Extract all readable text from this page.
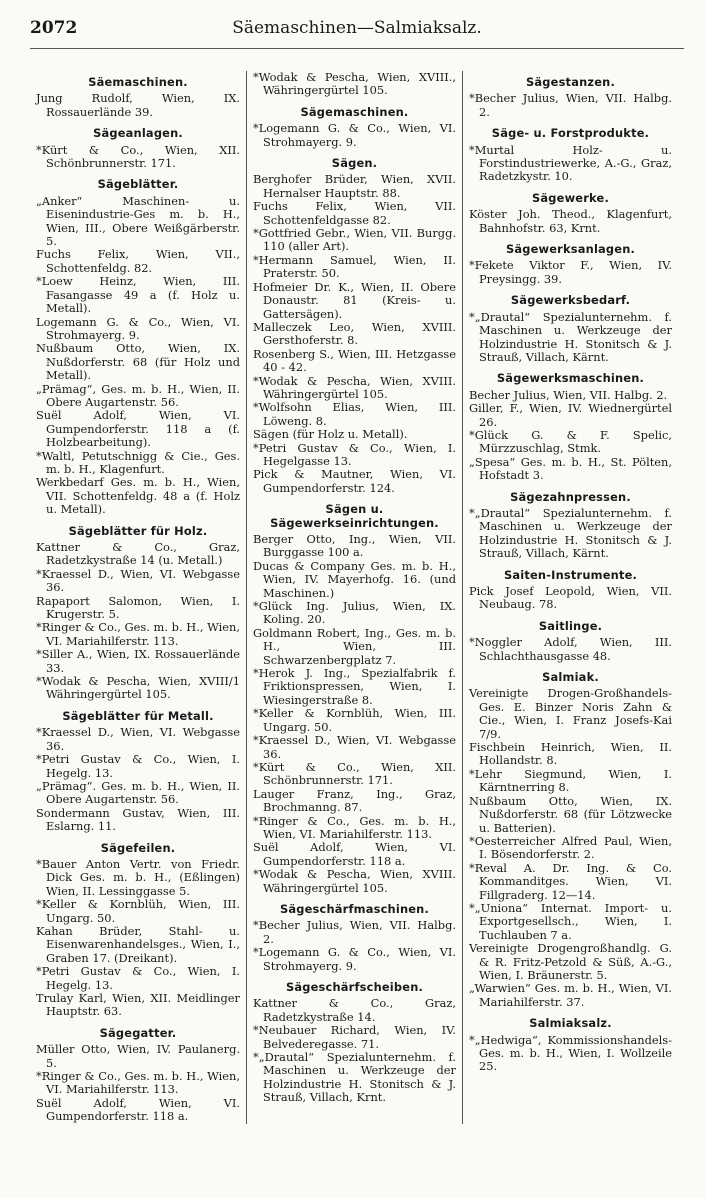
2072	Säemaschinen—Salmiaksalz.
Säemaschinen.
Jung Rudolf, Wien, IX. Rossauerlände 39.
Sägeanlagen.
*Kürt & Co., Wien, XII. Schönbrunnerstr. 171.
Sägeblätter.
„Anker“ Maschinen- u. Eisenindustrie-Ges m. b. H., Wien, III., Obere Weißgärberstr. 5.
Fuchs Felix, Wien, VII., Schottenfeldg. 82.
*Loew Heinz, Wien, III. Fasangasse 49 a (f. Holz u. Metall).
Logemann G. & Co., Wien, VI. Strohmayerg. 9.
Nußbaum Otto, Wien, IX. Nußdorferstr. 68 (für Holz und Metall).
„Prämag“, Ges. m. b. H., Wien, II. Obere Augartenstr. 56.
Suël Adolf, Wien, VI. Gumpendorferstr. 118 a (f. Holzbearbeitung).
*Waltl, Petutschnigg & Cie., Ges. m. b. H., Klagenfurt.
Werkbedarf Ges. m. b. H., Wien, VII. Schottenfeldg. 48 a (f. Holz u. Metall).
Sägeblätter für Holz.
Kattner & Co., Graz, Radetzkystraße 14 (u. Metall.)
*Kraessel D., Wien, VI. Webgasse 36.
Rapaport Salomon, Wien, I. Krugerstr. 5.
*Ringer & Co., Ges. m. b. H., Wien, VI. Mariahilferstr. 113.
*Siller A., Wien, IX. Rossauerlände 33.
*Wodak & Pescha, Wien, XVIII/1 Währingergürtel 105.
Sägeblätter für Metall.
*Kraessel D., Wien, VI. Webgasse 36.
*Petri Gustav & Co., Wien, I. Hegelg. 13.
„Prämag“. Ges. m. b. H., Wien, II. Obere Augartenstr. 56.
Sondermann Gustav, Wien, III. Eslarng. 11.
Sägefeilen.
*Bauer Anton Vertr. von Friedr. Dick Ges. m. b. H., (Eßlingen) Wien, II. Lessinggasse 5.
*Keller & Kornblüh, Wien, III. Ungarg. 50.
Kahan Brüder, Stahl- u. Eisenwarenhandelsges., Wien, I., Graben 17. (Dreikant).
*Petri Gustav & Co., Wien, I. Hegelg. 13.
Trulay Karl, Wien, XII. Meidlinger Hauptstr. 63.
Sägegatter.
Müller Otto, Wien, IV. Paulanerg. 5.
*Ringer & Co., Ges. m. b. H., Wien, VI. Mariahilferstr. 113.
Suël Adolf, Wien, VI. Gumpendorferstr. 118 a.
*Wodak & Pescha, Wien, XVIII., Währingergürtel 105.
Sägemaschinen.
*Logemann G. & Co., Wien, VI. Strohmayerg. 9.
Sägen.
Berghofer Brüder, Wien, XVII. Hernalser Hauptstr. 88.
Fuchs Felix, Wien, VII. Schottenfeldgasse 82.
*Gottfried Gebr., Wien, VII. Burgg. 110 (aller Art).
*Hermann Samuel, Wien, II. Praterstr. 50.
Hofmeier Dr. K., Wien, II. Obere Donaustr. 81 (Kreis- u. Gattersägen).
Malleczek Leo, Wien, XVIII. Gersthoferstr. 8.
Rosenberg S., Wien, III. Hetzgasse 40 - 42.
*Wodak & Pescha, Wien, XVIII. Währingergürtel 105.
*Wolfsohn Elias, Wien, III. Löweng. 8.
Sägen (für Holz u. Metall).
*Petri Gustav & Co., Wien, I. Hegelgasse 13.
Pick & Mautner, Wien, VI. Gumpendorferstr. 124.
Sägen u. Sägewerkseinrichtungen.
Berger Otto, Ing., Wien, VII. Burggasse 100 a.
Ducas & Company Ges. m. b. H., Wien, IV. Mayerhofg. 16. (und Maschinen.)
*Glück Ing. Julius, Wien, IX. Koling. 20.
Goldmann Robert, Ing., Ges. m. b. H., Wien, III. Schwarzenbergplatz 7.
*Herok J. Ing., Spezialfabrik f. Friktionspressen, Wien, I. Wiesingerstraße 8.
*Keller & Kornblüh, Wien, III. Ungarg. 50.
*Kraessel D., Wien, VI. Webgasse 36.
*Kürt & Co., Wien, XII. Schönbrunnerstr. 171.
Lauger Franz, Ing., Graz, Brochmanng. 87.
*Ringer & Co., Ges. m. b. H., Wien, VI. Mariahilferstr. 113.
Suël Adolf, Wien, VI. Gumpendorferstr. 118 a.
*Wodak & Pescha, Wien, XVIII. Währingergürtel 105.
Sägeschärfmaschinen.
*Becher Julius, Wien, VII. Halbg. 2.
*Logemann G. & Co., Wien, VI. Strohmayerg. 9.
Sägeschärfscheiben.
Kattner & Co., Graz, Radetzkystraße 14.
*Neubauer Richard, Wien, IV. Belvederegasse. 71.
*„Drautal“ Spezialunternehm. f. Maschinen u. Werkzeuge der Holzindustrie H. Stonitsch & J. Strauß, Villach, Krnt.
Sägestanzen.
*Becher Julius, Wien, VII. Halbg. 2.
Säge- u. Forstprodukte.
*Murtal Holz- u. Forstindustriewerke, A.-G., Graz, Radetzkystr. 10.
Sägewerke.
Köster Joh. Theod., Klagenfurt, Bahnhofstr. 63, Krnt.
Sägewerksanlagen.
*Fekete Viktor F., Wien, IV. Preysingg. 39.
Sägewerksbedarf.
*„Drautal“ Spezialunternehm. f. Maschinen u. Werkzeuge der Holzindustrie H. Stonitsch & J. Strauß, Villach, Kärnt.
Sägewerksmaschinen.
Becher Julius, Wien, VII. Halbg. 2.
Giller, F., Wien, IV. Wiednergürtel 26.
*Glück G. & F. Spelic, Mürzzuschlag, Stmk.
„Spesa“ Ges. m. b. H., St. Pölten, Hofstadt 3.
Sägezahnpressen.
*„Drautal“ Spezialunternehm. f. Maschinen u. Werkzeuge der Holzindustrie H. Stonitsch & J. Strauß, Villach, Kärnt.
Saiten-Instrumente.
Pick Josef Leopold, Wien, VII. Neubaug. 78.
Saitlinge.
*Noggler Adolf, Wien, III. Schlachthausgasse 48.
Salmiak.
Vereinigte Drogen-Großhandels-Ges. E. Binzer Noris Zahn & Cie., Wien, I. Franz Josefs-Kai 7/9.
Fischbein Heinrich, Wien, II. Hollandstr. 8.
*Lehr Siegmund, Wien, I. Kärntnerring 8.
Nußbaum Otto, Wien, IX. Nußdorferstr. 68 (für Lötzwecke u. Batterien).
*Oesterreicher Alfred Paul, Wien, I. Bösendorferstr. 2.
*Reval A. Dr. Ing. & Co. Kommanditges. Wien, VI. Fillgraderg. 12—14.
*„Uniona“ Internat. Import- u. Exportgesellsch., Wien, I. Tuchlauben 7 a.
Vereinigte Drogengroßhandlg. G. & R. Fritz-Petzold & Süß, A.-G., Wien, I. Bräunerstr. 5.
„Warwien“ Ges. m. b. H., Wien, VI. Mariahilferstr. 37.
Salmiaksalz.
*„Hedwiga“, Kommissionshandels-Ges. m. b. H., Wien, I. Wollzeile 25.
